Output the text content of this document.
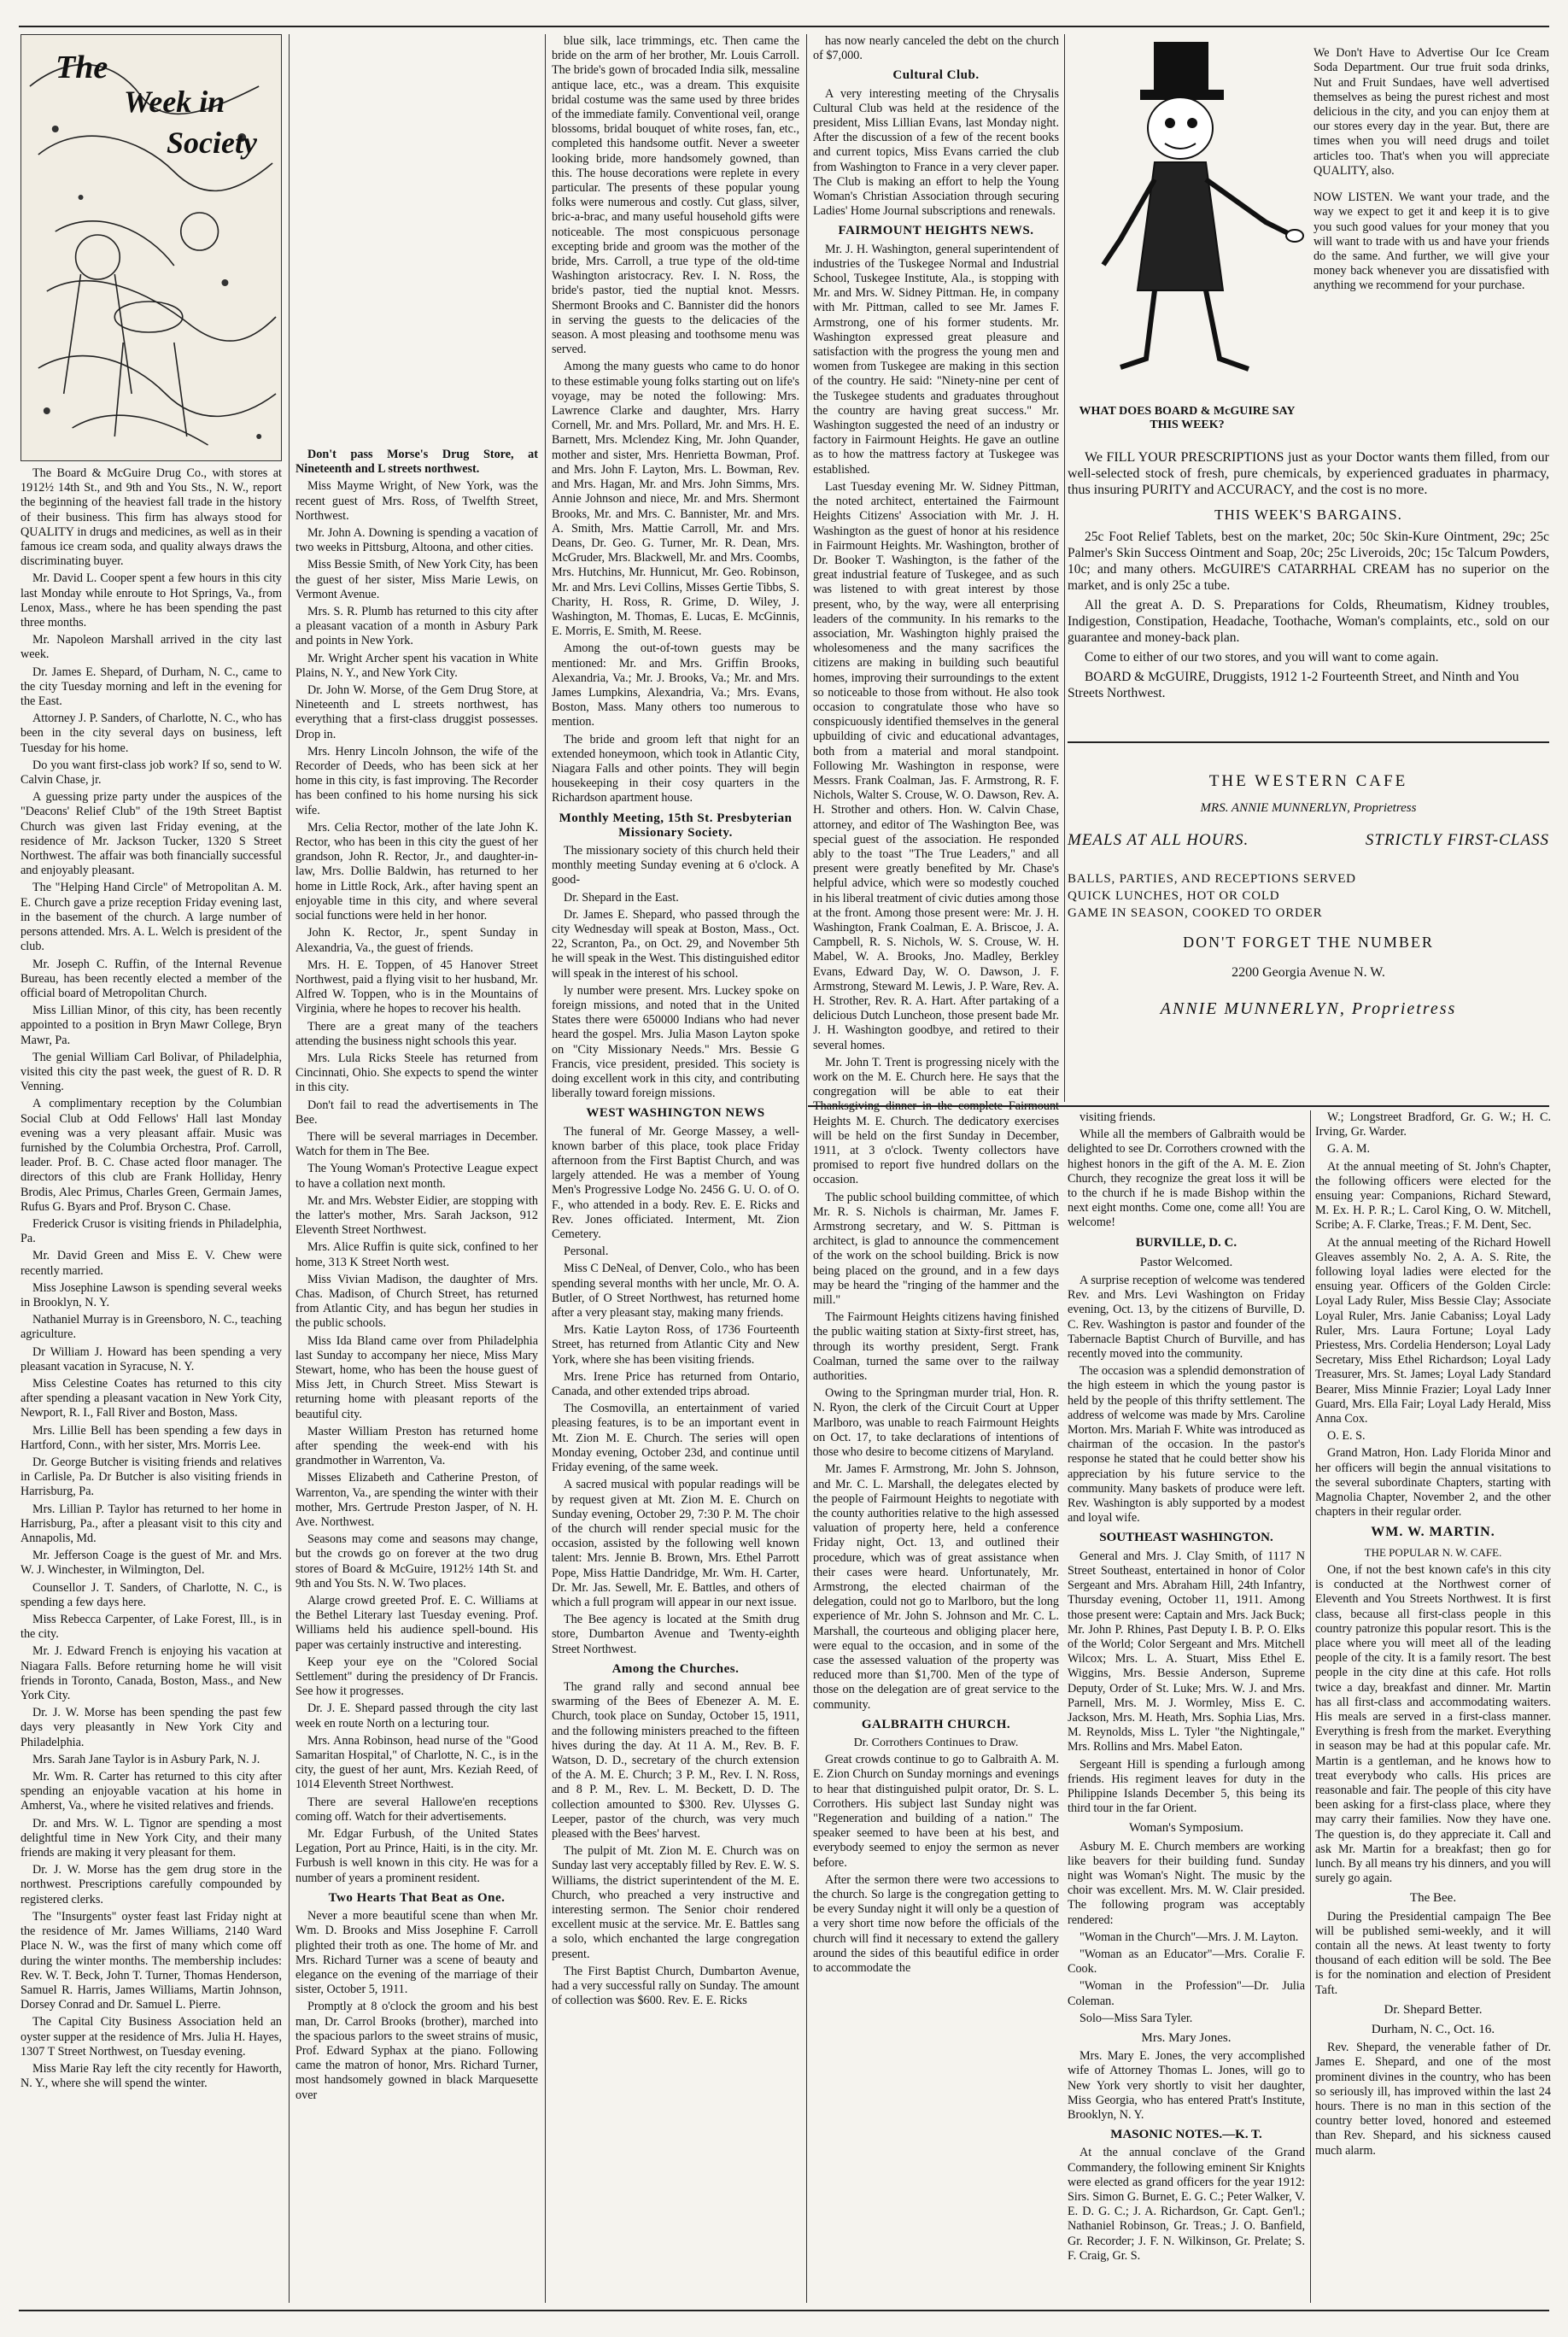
The
Week in
Society

The Board & McGuire Drug Co., with stores at 1912½ 14th St., and 9th and You Sts., N. W., report the beginning of the heaviest fall trade in the history of their business. This firm has always stood for QUALITY in drugs and medicines, as well as in their famous ice cream soda, and quality always draws the discriminating buyer.

Mr. David L. Cooper spent a few hours in this city last Monday while enroute to Hot Springs, Va., from Lenox, Mass., where he has been spending the past three months.

Mr. Napoleon Marshall arrived in the city last week.

Dr. James E. Shepard, of Durham, N. C., came to the city Tuesday morning and left in the evening for the East.

Attorney J. P. Sanders, of Charlotte, N. C., who has been in the city several days on business, left Tuesday for his home.

Do you want first-class job work? If so, send to W. Calvin Chase, jr.

A guessing prize party under the auspices of the "Deacons' Relief Club" of the 19th Street Baptist Church was given last Friday evening, at the residence of Mr. Jackson Tucker, 1320 S Street Northwest. The affair was both financially successful and enjoyably pleasant.

The "Helping Hand Circle" of Metropolitan A. M. E. Church gave a prize reception Friday evening last, in the basement of the church. A large number of persons attended. Mrs. A. L. Welch is president of the club.

Mr. Joseph C. Ruffin, of the Internal Revenue Bureau, has been recently elected a member of the official board of Metropolitan Church.

Miss Lillian Minor, of this city, has been recently appointed to a position in Bryn Mawr College, Bryn Mawr, Pa.

The genial William Carl Bolivar, of Philadelphia, visited this city the past week, the guest of R. D. R Venning.

A complimentary reception by the Columbian Social Club at Odd Fellows' Hall last Monday evening was a very pleasant affair. Music was furnished by the Columbia Orchestra, Prof. Carroll, leader. Prof. B. C. Chase acted floor manager. The directors of this club are Frank Holliday, Henry Brodis, Alec Primus, Charles Green, Germain James, Rufus G. Byars and Prof. Bryson C. Chase.

Frederick Crusor is visiting friends in Philadelphia, Pa.

Mr. David Green and Miss E. V. Chew were recently married.

Miss Josephine Lawson is spending several weeks in Brooklyn, N. Y.

Nathaniel Murray is in Greensboro, N. C., teaching agriculture.

Dr William J. Howard has been spending a very pleasant vacation in Syracuse, N. Y.

Miss Celestine Coates has returned to this city after spending a pleasant vacation in New York City, Newport, R. I., Fall River and Boston, Mass.

Mrs. Lillie Bell has been spending a few days in Hartford, Conn., with her sister, Mrs. Morris Lee.

Dr. George Butcher is visiting friends and relatives in Carlisle, Pa. Dr Butcher is also visiting friends in Harrisburg, Pa.

Mrs. Lillian P. Taylor has returned to her home in Harrisburg, Pa., after a pleasant visit to this city and Annapolis, Md.

Mr. Jefferson Coage is the guest of Mr. and Mrs. W. J. Winchester, in Wilmington, Del.

Counsellor J. T. Sanders, of Charlotte, N. C., is spending a few days here.

Miss Rebecca Carpenter, of Lake Forest, Ill., is in the city.

Mr. J. Edward French is enjoying his vacation at Niagara Falls. Before returning home he will visit friends in Toronto, Canada, Boston, Mass., and New York City.

Dr. J. W. Morse has been spending the past few days very pleasantly in New York City and Philadelphia.

Mrs. Sarah Jane Taylor is in Asbury Park, N. J.

Mr. Wm. R. Carter has returned to this city after spending an enjoyable vacation at his home in Amherst, Va., where he visited relatives and friends.

Dr. and Mrs. W. L. Tignor are spending a most delightful time in New York City, and their many friends are making it very pleasant for them.

Dr. J. W. Morse has the gem drug store in the northwest. Prescriptions carefully compounded by registered clerks.

The "Insurgents" oyster feast last Friday night at the residence of Mr. James Williams, 2140 Ward Place N. W., was the first of many which come off during the winter months. The membership includes: Rev. W. T. Beck, John T. Turner, Thomas Henderson, Samuel R. Harris, James Williams, Martin Johnson, Dorsey Conrad and Dr. Samuel L. Pierre.

The Capital City Business Association held an oyster supper at the residence of Mrs. Julia H. Hayes, 1307 T Street Northwest, on Tuesday evening.

Miss Marie Ray left the city recently for Haworth, N. Y., where she will spend the winter.

Don't pass Morse's Drug Store, at Nineteenth and L streets northwest.

Miss Mayme Wright, of New York, was the recent guest of Mrs. Ross, of Twelfth Street, Northwest.

Mr. John A. Downing is spending a vacation of two weeks in Pittsburg, Altoona, and other cities.

Miss Bessie Smith, of New York City, has been the guest of her sister, Miss Marie Lewis, on Vermont Avenue.

Mrs. S. R. Plumb has returned to this city after a pleasant vacation of a month in Asbury Park and points in New York.

Mr. Wright Archer spent his vacation in White Plains, N. Y., and New York City.

Dr. John W. Morse, of the Gem Drug Store, at Nineteenth and L streets northwest, has everything that a first-class druggist possesses. Drop in.

Mrs. Henry Lincoln Johnson, the wife of the Recorder of Deeds, who has been sick at her home in this city, is fast improving. The Recorder has been confined to his home nursing his sick wife.

Mrs. Celia Rector, mother of the late John K. Rector, who has been in this city the guest of her grandson, John R. Rector, Jr., and daughter-in-law, Mrs. Dollie Baldwin, has returned to her home in Little Rock, Ark., after having spent an enjoyable time in this city, and where several social functions were held in her honor.

John K. Rector, Jr., spent Sunday in Alexandria, Va., the guest of friends.

Mrs. H. E. Toppen, of 45 Hanover Street Northwest, paid a flying visit to her husband, Mr. Alfred W. Toppen, who is in the Mountains of Virginia, where he hopes to recover his health.

There are a great many of the teachers attending the business night schools this year.

Mrs. Lula Ricks Steele has returned from Cincinnati, Ohio. She expects to spend the winter in this city.

Don't fail to read the advertisements in The Bee.

There will be several marriages in December. Watch for them in The Bee.

The Young Woman's Protective League expect to have a collation next month.

Mr. and Mrs. Webster Eidier, are stopping with the latter's mother, Mrs. Sarah Jackson, 912 Eleventh Street Northwest.

Mrs. Alice Ruffin is quite sick, confined to her home, 313 K Street North west.

Miss Vivian Madison, the daughter of Mrs. Chas. Madison, of Church Street, has returned from Atlantic City, and has begun her studies in the public schools.

Miss Ida Bland came over from Philadelphia last Sunday to accompany her niece, Miss Mary Stewart, home, who has been the house guest of Miss Jett, in Church Street. Miss Stewart is returning home with pleasant reports of the beautiful city.

Master William Preston has returned home after spending the week-end with his grandmother in Warrenton, Va.

Misses Elizabeth and Catherine Preston, of Warrenton, Va., are spending the winter with their mother, Mrs. Gertrude Preston Jasper, of N. H. Ave. Northwest.

Seasons may come and seasons may change, but the crowds go on forever at the two drug stores of Board & McGuire, 1912½ 14th St. and 9th and You Sts. N. W. Two places.

Alarge crowd greeted Prof. E. C. Williams at the Bethel Literary last Tuesday evening. Prof. Williams held his audience spell-bound. His paper was certainly instructive and interesting.

Keep your eye on the "Colored Social Settlement" during the presidency of Dr Francis. See how it progresses.

Dr. J. E. Shepard passed through the city last week en route North on a lecturing tour.

Mrs. Anna Robinson, head nurse of the "Good Samaritan Hospital," of Charlotte, N. C., is in the city, the guest of her aunt, Mrs. Keziah Reed, of 1014 Eleventh Street Northwest.

There are several Hallowe'en receptions coming off. Watch for their advertisements.

Mr. Edgar Furbush, of the United States Legation, Port au Prince, Haiti, is in the city. Mr. Furbush is well known in this city. He was for a number of years a prominent resident.

Two Hearts That Beat as One.

Never a more beautiful scene than when Mr. Wm. D. Brooks and Miss Josephine F. Carroll plighted their troth as one. The home of Mr. and Mrs. Richard Turner was a scene of beauty and elegance on the evening of the marriage of their sister, October 5, 1911.

Promptly at 8 o'clock the groom and his best man, Dr. Carrol Brooks (brother), marched into the spacious parlors to the sweet strains of music, Prof. Edward Syphax at the piano. Following came the matron of honor, Mrs. Richard Turner, most handsomely gowned in black Marquesette over

blue silk, lace trimmings, etc. Then came the bride on the arm of her brother, Mr. Louis Carroll. The bride's gown of brocaded India silk, messaline antique lace, etc., was a dream. This exquisite bridal costume was the same used by three brides of the immediate family. Conventional veil, orange blossoms, bridal bouquet of white roses, fan, etc., completed this handsome outfit. Never a sweeter looking bride, more handsomely gowned, than this. The house decorations were replete in every particular. The presents of these popular young folks were numerous and costly. Cut glass, silver, bric-a-brac, and many useful household gifts were noticeable. The most conspicuous personage excepting bride and groom was the mother of the bride, Mrs. Carroll, a true type of the old-time Washington aristocracy. Rev. I. N. Ross, the bride's pastor, tied the nuptial knot. Messrs. Shermont Brooks and C. Bannister did the honors in serving the guests to the delicacies of the season. A most pleasing and toothsome menu was served.

Among the many guests who came to do honor to these estimable young folks starting out on life's voyage, may be noted the following: Mrs. Lawrence Clarke and daughter, Mrs. Harry Cornell, Mr. and Mrs. Pollard, Mr. and Mrs. H. E. Barnett, Mrs. Mclendez King, Mr. John Quander, mother and sister, Mrs. Henrietta Bowman, Prof. and Mrs. John F. Layton, Mrs. L. Bowman, Rev. and Mrs. Hagan, Mr. and Mrs. John Simms, Mrs. Annie Johnson and niece, Mr. and Mrs. Shermont Brooks, Mr. and Mrs. C. Bannister, Mr. and Mrs. A. Smith, Mrs. Mattie Carroll, Mr. and Mrs. Deans, Dr. Geo. G. Turner, Mr. R. Dean, Mrs. McGruder, Mrs. Blackwell, Mr. and Mrs. Coombs, Mrs. Hutchins, Mr. Hunnicut, Mr. Geo. Robinson, Mr. and Mrs. Levi Collins, Misses Gertie Tibbs, S. Charity, H. Ross, R. Grime, D. Wiley, J. Washington, M. Thomas, E. Lucas, E. McGinnis, E. Morris, E. Smith, M. Reese.

Among the out-of-town guests may be mentioned: Mr. and Mrs. Griffin Brooks, Alexandria, Va.; Mr. J. Brooks, Va.; Mr. and Mrs. James Lumpkins, Alexandria, Va.; Mrs. Evans, Boston, Mass. Many others too numerous to mention.

The bride and groom left that night for an extended honeymoon, which took in Atlantic City, Niagara Falls and other points. They will begin housekeeping in their cosy quarters in the Richardson apartment house.

Monthly Meeting, 15th St. Presbyterian Missionary Society.

The missionary society of this church held their monthly meeting Sunday evening at 6 o'clock. A good-

Dr. Shepard in the East.

Dr. James E. Shepard, who passed through the city Wednesday will speak at Boston, Mass., Oct. 22, Scranton, Pa., on Oct. 29, and November 5th he will speak in the West. This distinguished editor will speak in the interest of his school.

ly number were present. Mrs. Luckey spoke on foreign missions, and noted that in the United States there were 650000 Indians who had never heard the gospel. Mrs. Julia Mason Layton spoke on "City Missionary Needs." Mrs. Bessie G Francis, vice president, presided. This society is doing excellent work in this city, and contributing liberally toward foreign missions.

WEST WASHINGTON NEWS

The funeral of Mr. George Massey, a well-known barber of this place, took place Friday afternoon from the First Baptist Church, and was largely attended. He was a member of Young Men's Progressive Lodge No. 2456 G. U. O. of O. F., who attended in a body. Rev. E. E. Ricks and Rev. Jones officiated. Interment, Mt. Zion Cemetery.

Personal.

Miss C DeNeal, of Denver, Colo., who has been spending several months with her uncle, Mr. O. A. Butler, of O Street Northwest, has returned home after a very pleasant stay, making many friends.

Mrs. Katie Layton Ross, of 1736 Fourteenth Street, has returned from Atlantic City and New York, where she has been visiting friends.

Mrs. Irene Price has returned from Ontario, Canada, and other extended trips abroad.

The Cosmovilla, an entertainment of varied pleasing features, is to be an important event in Mt. Zion M. E. Church. The series will open Monday evening, October 23d, and continue until Friday evening, of the same week.

A sacred musical with popular readings will be by request given at Mt. Zion M. E. Church on Sunday evening, October 29, 7:30 P. M. The choir of the church will render special music for the occasion, assisted by the following well known talent: Mrs. Jennie B. Brown, Mrs. Ethel Parrott Pope, Miss Hattie Dandridge, Mr. Wm. H. Carter, Dr. Mr. Jas. Sewell, Mr. E. Battles, and others of which a full program will appear in our next issue.

The Bee agency is located at the Smith drug store, Dumbarton Avenue and Twenty-eighth Street Northwest.

Among the Churches.

The grand rally and second annual bee swarming of the Bees of Ebenezer A. M. E. Church, took place on Sunday, October 15, 1911, and the following ministers preached to the fifteen hives during the day. At 11 A. M., Rev. B. F. Watson, D. D., secretary of the church extension of the A. M. E. Church; 3 P. M., Rev. I. N. Ross, and 8 P. M., Rev. L. M. Beckett, D. D. The collection amounted to $300. Rev. Ulysses G. Leeper, pastor of the church, was very much pleased with the Bees' harvest.

The pulpit of Mt. Zion M. E. Church was on Sunday last very acceptably filled by Rev. E. W. S. Williams, the district superintendent of the M. E. Church, who preached a very instructive and interesting sermon. The Senior choir rendered excellent music at the service. Mr. E. Battles sang a solo, which enchanted the large congregation present.

The First Baptist Church, Dumbarton Avenue, had a very successful rally on Sunday. The amount of collection was $600. Rev. E. E. Ricks

has now nearly canceled the debt on the church of $7,000.

Cultural Club.

A very interesting meeting of the Chrysalis Cultural Club was held at the residence of the president, Miss Lillian Evans, last Monday night. After the discussion of a few of the recent books and current topics, Miss Evans carried the club from Washington to France in a very clever paper. The Club is making an effort to help the Young Woman's Christian Association through securing Ladies' Home Journal subscriptions and renewals.

FAIRMOUNT HEIGHTS NEWS.

Mr. J. H. Washington, general superintendent of industries of the Tuskegee Normal and Industrial School, Tuskegee Institute, Ala., is stopping with Mr. and Mrs. W. Sidney Pittman. He, in company with Mr. Pittman, called to see Mr. James F. Armstrong, one of his former students. Mr. Washington expressed great pleasure and satisfaction with the progress the young men and women from Tuskegee are making in this section of the country. He said: "Ninety-nine per cent of the Tuskegee students and graduates throughout the country are having great success." Mr. Washington suggested the need of an industry or factory in Fairmount Heights. He gave an outline as to how the mattress factory at Tuskegee was established.

Last Tuesday evening Mr. W. Sidney Pittman, the noted architect, entertained the Fairmount Heights Citizens' Association with Mr. J. H. Washington as the guest of honor at his residence in Fairmount Heights. Mr. Washington, brother of Dr. Booker T. Washington, is the father of the great industrial feature of Tuskegee, and as such was listened to with great interest by those present, who, by the way, were all enterprising leaders of the community. In his remarks to the association, Mr. Washington highly praised the wholesomeness and the many sacrifices the citizens are making in building such beautiful homes, improving their surroundings to the extent so noticeable to those from without. He also took occasion to congratulate those who have so conspicuously identified themselves in the general upbuilding of civic and educational advantages, both from a material and moral standpoint. Following Mr. Washington in response, were Messrs. Frank Coalman, Jas. F. Armstrong, R. F. Nichols, Walter S. Crouse, W. O. Dawson, Rev. A. H. Strother and others. Hon. W. Calvin Chase, attorney, and editor of The Washington Bee, was special guest of the association. He responded ably to the toast "The True Leaders," and all present were greatly benefited by Mr. Chase's helpful advice, which were so modestly couched in his liberal treatment of civic duties among those at the front. Among those present were: Mr. J. H. Washington, Frank Coalman, E. A. Briscoe, J. A. Campbell, R. S. Nichols, W. S. Crouse, W. H. Mabel, W. A. Brooks, Jno. Madley, Berkley Evans, Edward Day, W. O. Dawson, J. F. Armstrong, Steward M. Lewis, J. P. Ware, Rev. A. H. Strother, Rev. R. A. Hart. After partaking of a delicious Dutch Luncheon, those present bade Mr. J. H. Washington goodbye, and retired to their several homes.

Mr. John T. Trent is progressing nicely with the work on the M. E. Church here. He says that the congregation will be able to eat their Heights M. E. Church. The dedicatory exercises will be held on the first Sunday in December, 1911, at 3 o'clock. Twenty collectors have promised to report five hundred dollars on the occasion.

The public school building committee, of which Mr. R. S. Nichols is chairman, Mr. James F. Armstrong secretary, and W. S. Pittman is architect, is glad to announce the commencement of the work on the school building. Brick is now being placed on the ground, and in a few days may be heard the "ringing of the hammer and the mill."

The Fairmount Heights citizens having finished the public waiting station at Sixty-first street, has, through its worthy president, Sergt. Frank Coalman, turned the same over to the railway authorities.

Owing to the Springman murder trial, Hon. R. N. Ryon, the clerk of the Circuit Court at Upper Marlboro, was unable to reach Fairmount Heights on Oct. 17, to take declarations of intentions of those who desire to become citizens of Maryland.

Mr. James F. Armstrong, Mr. John S. Johnson, and Mr. C. L. Marshall, the delegates elected by the people of Fairmount Heights to negotiate with the county authorities relative to the high assessed valuation of property here, held a conference Friday night, Oct. 13, and outlined their procedure, which was of great assistance when their cases were heard. Unfortunately, Mr. Armstrong, the elected chairman of the delegation, could not go to Marlboro, but the long experience of Mr. John S. Johnson and Mr. C. L. Marshall, the courteous and obliging placer here, were equal to the occasion, and in some of the case the assessed valuation of the property was reduced more than $1,700. Men of the type of those on the delegation are of great service to the community.

GALBRAITH CHURCH.
Dr. Corrothers Continues to Draw.

Great crowds continue to go to Galbraith A. M. E. Zion Church on Sunday mornings and evenings to hear that distinguished pulpit orator, Dr. S. L. Corrothers. His subject last Sunday night was "Regeneration and building of a nation." The speaker seemed to have been at his best, and everybody seemed to enjoy the sermon as never before.

After the sermon there were two accessions to the church. So large is the congregation getting to be every Sunday night it will only be a question of a very short time now before the officials of the church will find it necessary to extend the gallery around the sides of this beautiful edifice in order to accommodate the

We Don't Have to Advertise Our Ice Cream Soda Department. Our true fruit soda drinks, Nut and Fruit Sundaes, have well advertised themselves as being the purest richest and most delicious in the city, and you can enjoy them at our stores every day in the year. But, there are times when you will need drugs and toilet articles too. That's when you will appreciate QUALITY, also.

NOW LISTEN. We want your trade, and the way we expect to get it and keep it is to give you such good values for your money that you will want to trade with us and have your friends do the same. And further, we will give your money back whenever you are dissatisfied with anything we recommend for your purchase.

WHAT DOES BOARD & McGUIRE SAY THIS WEEK?

We FILL YOUR PRESCRIPTIONS just as your Doctor wants them filled, from our well-selected stock of fresh, pure chemicals, by experienced graduates in pharmacy, thus insuring PURITY and ACCURACY, and the cost is no more.

THIS WEEK'S BARGAINS.

25c Foot Relief Tablets, best on the market, 20c; 50c Skin-Kure Ointment, 29c; 25c Palmer's Skin Success Ointment and Soap, 20c; 25c Liveroids, 20c; 15c Talcum Powders, 10c; and many others. McGUIRE'S CATARRHAL CREAM has no superior on the market, and is only 25c a tube.

All the great A. D. S. Preparations for Colds, Rheumatism, Kidney troubles, Indigestion, Constipation, Headache, Toothache, Woman's complaints, etc., sold on our guarantee and money-back plan.

Come to either of our two stores, and you will want to come again.

BOARD & McGUIRE, Druggists, 1912 1-2 Fourteenth Street, and Ninth and You Streets Northwest.

THE WESTERN CAFE
MRS. ANNIE MUNNERLYN, Proprietress
MEALS AT ALL HOURS.	STRICTLY FIRST-CLASS
BALLS, PARTIES, AND RECEPTIONS SERVED
QUICK LUNCHES, HOT OR COLD
GAME IN SEASON, COOKED TO ORDER
DON'T FORGET THE NUMBER
2200 Georgia Avenue N. W.
ANNIE MUNNERLYN, Proprietress

visiting friends.

While all the members of Galbraith would be delighted to see Dr. Corrothers crowned with the highest honors in the gift of the A. M. E. Zion Church, they recognize the great loss it will be to the church if he is made Bishop within the next eight months. Come one, come all! You are welcome!

BURVILLE, D. C.
Pastor Welcomed.

A surprise reception of welcome was tendered Rev. and Mrs. Levi Washington on Friday evening, Oct. 13, by the citizens of Burville, D. C. Rev. Washington is pastor and founder of the Tabernacle Baptist Church of Burville, and has recently moved into the community.

The occasion was a splendid demonstration of the high esteem in which the young pastor is held by the people of this thrifty settlement. The address of welcome was made by Mrs. Caroline Morton. Mrs. Mariah F. White was introduced as chairman of the occasion. In the pastor's response he stated that he could better show his appreciation by his future service to the community. Many baskets of produce were left. Rev. Washington is ably supported by a modest and loyal wife.

SOUTHEAST WASHINGTON.

General and Mrs. J. Clay Smith, of 1117 N Street Southeast, entertained in honor of Color Sergeant and Mrs. Abraham Hill, 24th Infantry, Thursday evening, October 11, 1911. Among those present were: Captain and Mrs. Jack Buck; Mr. John P. Rhines, Past Deputy I. B. P. O. Elks of the World; Color Sergeant and Mrs. Mitchell Wilcox; Mrs. L. A. Stuart, Miss Ethel E. Wiggins, Mrs. Bessie Anderson, Supreme Deputy, Order of St. Luke; Mrs. W. J. and Mrs. Parnell, Mrs. M. J. Wormley, Miss E. C. Jackson, Mrs. M. Heath, Mrs. Sophia Lias, Mrs. M. Reynolds, Miss L. Tyler "the Nightingale," Mrs. Rollins and Mrs. Mabel Eaton.

Sergeant Hill is spending a furlough among friends. His regiment leaves for duty in the Philippine Islands December 5, this being its third tour in the far Orient.

Woman's Symposium.

Asbury M. E. Church members are working like beavers for their building fund. Sunday night was Woman's Night. The music by the choir was excellent. Mrs. M. W. Clair presided. The following program was acceptably rendered:

"Woman in the Church"—Mrs. J. M. Layton.

"Woman as an Educator"—Mrs. Coralie F. Cook.

"Woman in the Profession"—Dr. Julia Coleman.

Solo—Miss Sara Tyler.

Mrs. Mary Jones.

Mrs. Mary E. Jones, the very accomplished wife of Attorney Thomas L. Jones, will go to New York very shortly to visit her daughter, Miss Georgia, who has entered Pratt's Institute, Brooklyn, N. Y.

MASONIC NOTES.—K. T.

At the annual conclave of the Grand Commandery, the following eminent Sir Knights were elected as grand officers for the year 1912: Sirs. Simon G. Burnet, E. G. C.; Peter Walker, V. E. D. G. C.; J. A. Richardson, Gr. Capt. Gen'l.; Nathaniel Robinson, Gr. Treas.; J. O. Banfield, Gr. Recorder; J. F. N. Wilkinson, Gr. Prelate; S. F. Craig, Gr. S.

W.; Longstreet Bradford, Gr. G. W.; H. C. Irving, Gr. Warder.

G. A. M.

At the annual meeting of St. John's Chapter, the following officers were elected for the ensuing year: Companions, Richard Steward, M. Ex. H. P. R.; L. Carol King, O. W. Mitchell, Scribe; A. F. Clarke, Treas.; F. M. Dent, Sec.

At the annual meeting of the Richard Howell Gleaves assembly No. 2, A. A. S. Rite, the following loyal ladies were elected for the ensuing year. Officers of the Golden Circle: Loyal Lady Ruler, Miss Bessie Clay; Associate Loyal Ruler, Mrs. Janie Cabaniss; Loyal Lady Ruler, Mrs. Laura Fortune; Loyal Lady Priestess, Mrs. Cordelia Henderson; Loyal Lady Secretary, Miss Ethel Richardson; Loyal Lady Treasurer, Mrs. St. James; Loyal Lady Standard Bearer, Miss Minnie Frazier; Loyal Lady Inner Guard, Mrs. Ella Fair; Loyal Lady Herald, Miss Anna Cox.

O. E. S.

Grand Matron, Hon. Lady Florida Minor and her officers will begin the annual visitations to the several subordinate Chapters, starting with Magnolia Chapter, November 2, and the other chapters in their regular order.

WM. W. MARTIN.
THE POPULAR N. W. CAFE.

One, if not the best known cafe's in this city is conducted at the Northwest corner of Eleventh and You Streets Northwest. It is first class, because all first-class people in this country patronize this popular resort. This is the place where you will meet all of the leading people of the city. It is a family resort. The best people in the city dine at this cafe. Hot rolls twice a day, breakfast and dinner. Mr. Martin has all first-class and accommodating waiters. His meals are served in a first-class manner. Everything is fresh from the market. Everything in season may be had at this popular cafe. Mr. Martin is a gentleman, and he knows how to treat everybody who calls. His prices are reasonable and fair. The people of this city have been asking for a first-class place, where they may carry their families. Now they have one. The question is, do they appreciate it. Call and ask Mr. Martin for a breakfast; then go for lunch. By all means try his dinners, and you will surely go again.

The Bee.

During the Presidential campaign The Bee will be published semi-weekly, and it will contain all the news. At least twenty to forty thousand of each edition will be sold. The Bee is for the nomination and election of President Taft.

Dr. Shepard Better.
Durham, N. C., Oct. 16.

Rev. Shepard, the venerable father of Dr. James E. Shepard, and one of the most prominent divines in the country, who has been so seriously ill, has improved within the last 24 hours. There is no man in this section of the country better loved, honored and esteemed than Rev. Shepard, and his sickness caused much alarm.
